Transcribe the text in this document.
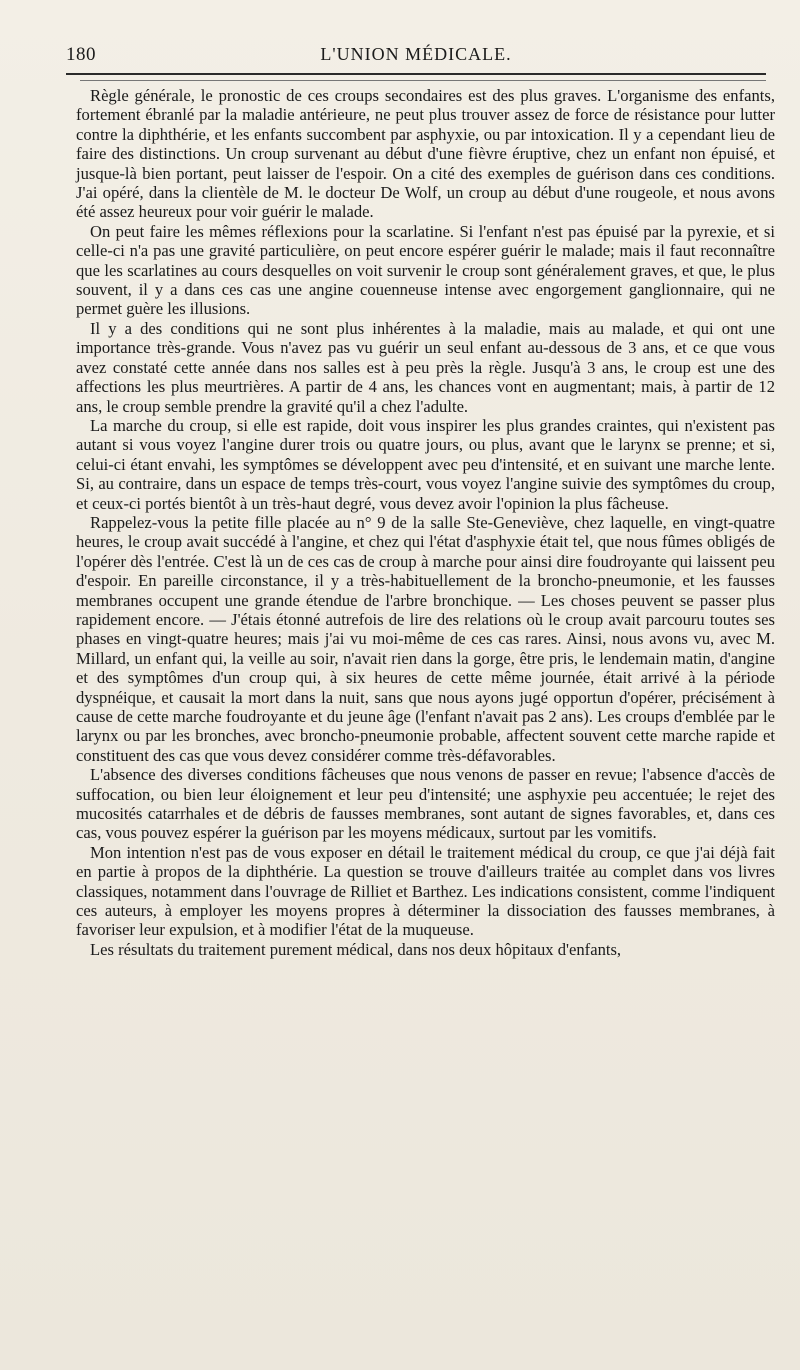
180	L'UNION MÉDICALE.

Règle générale, le pronostic de ces croups secondaires est des plus graves. L'organisme des enfants, fortement ébranlé par la maladie antérieure, ne peut plus trouver assez de force de résistance pour lutter contre la diphthérie, et les enfants succombent par asphyxie, ou par intoxication. Il y a cependant lieu de faire des distinctions. Un croup survenant au début d'une fièvre éruptive, chez un enfant non épuisé, et jusque-là bien portant, peut laisser de l'espoir. On a cité des exemples de guérison dans ces conditions. J'ai opéré, dans la clientèle de M. le docteur De Wolf, un croup au début d'une rougeole, et nous avons été assez heureux pour voir guérir le malade.

On peut faire les mêmes réflexions pour la scarlatine. Si l'enfant n'est pas épuisé par la pyrexie, et si celle-ci n'a pas une gravité particulière, on peut encore espérer guérir le malade; mais il faut reconnaître que les scarlatines au cours desquelles on voit survenir le croup sont généralement graves, et que, le plus souvent, il y a dans ces cas une angine couenneuse intense avec engorgement ganglionnaire, qui ne permet guère les illusions.

Il y a des conditions qui ne sont plus inhérentes à la maladie, mais au malade, et qui ont une importance très-grande. Vous n'avez pas vu guérir un seul enfant au-dessous de 3 ans, et ce que vous avez constaté cette année dans nos salles est à peu près la règle. Jusqu'à 3 ans, le croup est une des affections les plus meurtrières. A partir de 4 ans, les chances vont en augmentant; mais, à partir de 12 ans, le croup semble prendre la gravité qu'il a chez l'adulte.

La marche du croup, si elle est rapide, doit vous inspirer les plus grandes craintes, qui n'existent pas autant si vous voyez l'angine durer trois ou quatre jours, ou plus, avant que le larynx se prenne; et si, celui-ci étant envahi, les symptômes se développent avec peu d'intensité, et en suivant une marche lente. Si, au contraire, dans un espace de temps très-court, vous voyez l'angine suivie des symptômes du croup, et ceux-ci portés bientôt à un très-haut degré, vous devez avoir l'opinion la plus fâcheuse.

Rappelez-vous la petite fille placée au n° 9 de la salle Ste-Geneviève, chez laquelle, en vingt-quatre heures, le croup avait succédé à l'angine, et chez qui l'état d'asphyxie était tel, que nous fûmes obligés de l'opérer dès l'entrée. C'est là un de ces cas de croup à marche pour ainsi dire foudroyante qui laissent peu d'espoir. En pareille circonstance, il y a très-habituellement de la broncho-pneumonie, et les fausses membranes occupent une grande étendue de l'arbre bronchique. — Les choses peuvent se passer plus rapidement encore. — J'étais étonné autrefois de lire des relations où le croup avait parcouru toutes ses phases en vingt-quatre heures; mais j'ai vu moi-même de ces cas rares. Ainsi, nous avons vu, avec M. Millard, un enfant qui, la veille au soir, n'avait rien dans la gorge, être pris, le lendemain matin, d'angine et des symptômes d'un croup qui, à six heures de cette même journée, était arrivé à la période dyspnéique, et causait la mort dans la nuit, sans que nous ayons jugé opportun d'opérer, précisément à cause de cette marche foudroyante et du jeune âge (l'enfant n'avait pas 2 ans). Les croups d'emblée par le larynx ou par les bronches, avec broncho-pneumonie probable, affectent souvent cette marche rapide et constituent des cas que vous devez considérer comme très-défavorables.

L'absence des diverses conditions fâcheuses que nous venons de passer en revue; l'absence d'accès de suffocation, ou bien leur éloignement et leur peu d'intensité; une asphyxie peu accentuée; le rejet des mucosités catarrhales et de débris de fausses membranes, sont autant de signes favorables, et, dans ces cas, vous pouvez espérer la guérison par les moyens médicaux, surtout par les vomitifs.

Mon intention n'est pas de vous exposer en détail le traitement médical du croup, ce que j'ai déjà fait en partie à propos de la diphthérie. La question se trouve d'ailleurs traitée au complet dans vos livres classiques, notamment dans l'ouvrage de Rilliet et Barthez. Les indications consistent, comme l'indiquent ces auteurs, à employer les moyens propres à déterminer la dissociation des fausses membranes, à favoriser leur expulsion, et à modifier l'état de la muqueuse.

Les résultats du traitement purement médical, dans nos deux hôpitaux d'enfants,
